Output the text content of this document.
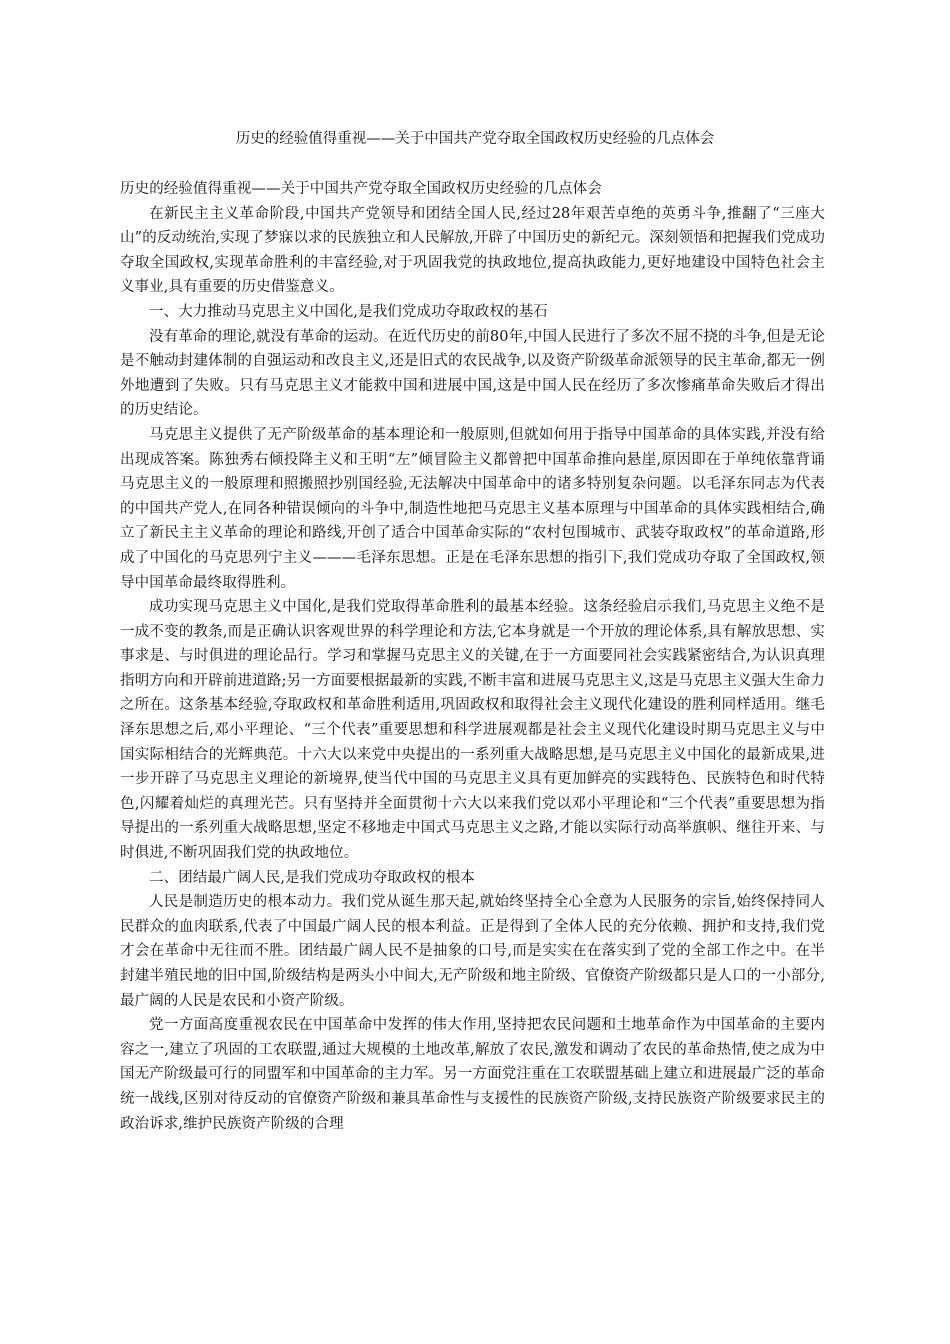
历史的经验值得重视——关于中国共产党夺取全国政权历史经验的几点体会

历史的经验值得重视——关于中国共产党夺取全国政权历史经验的几点体会

在新民主主义革命阶段,中国共产党领导和团结全国人民,经过28年艰苦卓绝的英勇斗争,推翻了“三座大山”的反动统治,实现了梦寐以求的民族独立和人民解放,开辟了中国历史的新纪元。深刻领悟和把握我们党成功夺取全国政权,实现革命胜利的丰富经验,对于巩固我党的执政地位,提高执政能力,更好地建设中国特色社会主义事业,具有重要的历史借鉴意义。

一、大力推动马克思主义中国化,是我们党成功夺取政权的基石

没有革命的理论,就没有革命的运动。在近代历史的前80年,中国人民进行了多次不屈不挠的斗争,但是无论是不触动封建体制的自强运动和改良主义,还是旧式的农民战争,以及资产阶级革命派领导的民主革命,都无一例外地遭到了失败。只有马克思主义才能救中国和进展中国,这是中国人民在经历了多次惨痛革命失败后才得出的历史结论。

马克思主义提供了无产阶级革命的基本理论和一般原则,但就如何用于指导中国革命的具体实践,并没有给出现成答案。陈独秀右倾投降主义和王明“左”倾冒险主义都曾把中国革命推向悬崖,原因即在于单纯依靠背诵马克思主义的一般原理和照搬照抄别国经验,无法解决中国革命中的诸多特别复杂问题。以毛泽东同志为代表的中国共产党人,在同各种错误倾向的斗争中,制造性地把马克思主义基本原理与中国革命的具体实践相结合,确立了新民主主义革命的理论和路线,开创了适合中国革命实际的“农村包围城市、武装夺取政权”的革命道路,形成了中国化的马克思列宁主义———毛泽东思想。正是在毛泽东思想的指引下,我们党成功夺取了全国政权,领导中国革命最终取得胜利。

成功实现马克思主义中国化,是我们党取得革命胜利的最基本经验。这条经验启示我们,马克思主义绝不是一成不变的教条,而是正确认识客观世界的科学理论和方法,它本身就是一个开放的理论体系,具有解放思想、实事求是、与时俱进的理论品行。学习和掌握马克思主义的关键,在于一方面要同社会实践紧密结合,为认识真理指明方向和开辟前进道路;另一方面要根据最新的实践,不断丰富和进展马克思主义,这是马克思主义强大生命力之所在。这条基本经验,夺取政权和革命胜利适用,巩固政权和取得社会主义现代化建设的胜利同样适用。继毛泽东思想之后,邓小平理论、“三个代表”重要思想和科学进展观都是社会主义现代化建设时期马克思主义与中国实际相结合的光辉典范。十六大以来党中央提出的一系列重大战略思想,是马克思主义中国化的最新成果,进一步开辟了马克思主义理论的新境界,使当代中国的马克思主义具有更加鲜亮的实践特色、民族特色和时代特色,闪耀着灿烂的真理光芒。只有坚持并全面贯彻十六大以来我们党以邓小平理论和“三个代表”重要思想为指导提出的一系列重大战略思想,坚定不移地走中国式马克思主义之路,才能以实际行动高举旗帜、继往开来、与时俱进,不断巩固我们党的执政地位。

二、团结最广阔人民,是我们党成功夺取政权的根本

人民是制造历史的根本动力。我们党从诞生那天起,就始终坚持全心全意为人民服务的宗旨,始终保持同人民群众的血肉联系,代表了中国最广阔人民的根本利益。正是得到了全体人民的充分依赖、拥护和支持,我们党才会在革命中无往而不胜。团结最广阔人民不是抽象的口号,而是实实在在落实到了党的全部工作之中。在半封建半殖民地的旧中国,阶级结构是两头小中间大,无产阶级和地主阶级、官僚资产阶级都只是人口的一小部分,最广阔的人民是农民和小资产阶级。

党一方面高度重视农民在中国革命中发挥的伟大作用,坚持把农民问题和土地革命作为中国革命的主要内容之一,建立了巩固的工农联盟,通过大规模的土地改革,解放了农民,激发和调动了农民的革命热情,使之成为中国无产阶级最可行的同盟军和中国革命的主力军。另一方面党注重在工农联盟基础上建立和进展最广泛的革命统一战线,区别对待反动的官僚资产阶级和兼具革命性与支援性的民族资产阶级,支持民族资产阶级要求民主的政治诉求,维护民族资产阶级的合理
